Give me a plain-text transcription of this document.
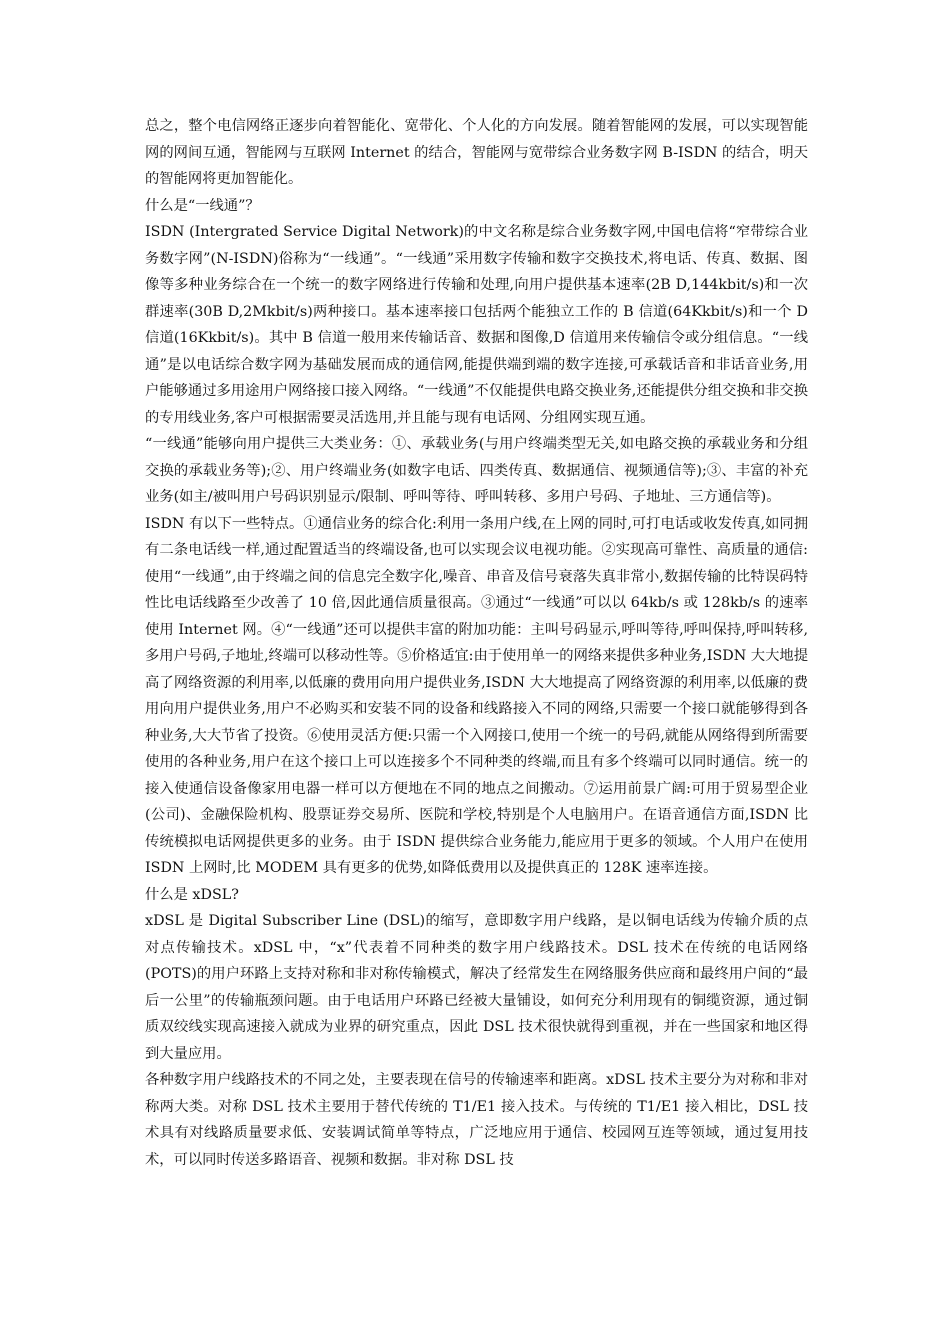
总之，整个电信网络正逐步向着智能化、宽带化、个人化的方向发展。随着智能网的发展，可以实现智能网的网间互通，智能网与互联网 Internet 的结合，智能网与宽带综合业务数字网 B-ISDN 的结合，明天的智能网将更加智能化。

什么是“一线通”？

ISDN (Intergrated Service Digital Network)的中文名称是综合业务数字网,中国电信将“窄带综合业务数字网”(N-ISDN)俗称为“一线通”。“一线通”采用数字传输和数字交换技术,将电话、传真、数据、图像等多种业务综合在一个统一的数字网络进行传输和处理,向用户提供基本速率(2B D,144kbit/s)和一次群速率(30B D,2Mkbit/s)两种接口。基本速率接口包括两个能独立工作的 B 信道(64Kkbit/s)和一个 D 信道(16Kkbit/s)。其中 B 信道一般用来传输话音、数据和图像,D 信道用来传输信令或分组信息。“一线通”是以电话综合数字网为基础发展而成的通信网,能提供端到端的数字连接,可承载话音和非话音业务,用户能够通过多用途用户网络接口接入网络。“一线通”不仅能提供电路交换业务,还能提供分组交换和非交换的专用线业务,客户可根据需要灵活选用,并且能与现有电话网、分组网实现互通。

“一线通”能够向用户提供三大类业务：①、承载业务(与用户终端类型无关,如电路交换的承载业务和分组交换的承载业务等);②、用户终端业务(如数字电话、四类传真、数据通信、视频通信等);③、丰富的补充业务(如主/被叫用户号码识别显示/限制、呼叫等待、呼叫转移、多用户号码、子地址、三方通信等)。

ISDN 有以下一些特点。①通信业务的综合化:利用一条用户线,在上网的同时,可打电话或收发传真,如同拥有二条电话线一样,通过配置适当的终端设备,也可以实现会议电视功能。②实现高可靠性、高质量的通信:使用“一线通”,由于终端之间的信息完全数字化,噪音、串音及信号衰落失真非常小,数据传输的比特误码特性比电话线路至少改善了 10 倍,因此通信质量很高。③通过“一线通”可以以 64kb/s 或 128kb/s 的速率使用 Internet 网。④“一线通”还可以提供丰富的附加功能：主叫号码显示,呼叫等待,呼叫保持,呼叫转移,多用户号码,子地址,终端可以移动性等。⑤价格适宜:由于使用单一的网络来提供多种业务,ISDN 大大地提高了网络资源的利用率,以低廉的费用向用户提供业务,ISDN 大大地提高了网络资源的利用率,以低廉的费用向用户提供业务,用户不必购买和安装不同的设备和线路接入不同的网络,只需要一个接口就能够得到各种业务,大大节省了投资。⑥使用灵活方便:只需一个入网接口,使用一个统一的号码,就能从网络得到所需要使用的各种业务,用户在这个接口上可以连接多个不同种类的终端,而且有多个终端可以同时通信。统一的接入使通信设备像家用电器一样可以方便地在不同的地点之间搬动。⑦运用前景广阔:可用于贸易型企业(公司)、金融保险机构、股票证券交易所、医院和学校,特别是个人电脑用户。在语音通信方面,ISDN 比传统模拟电话网提供更多的业务。由于 ISDN 提供综合业务能力,能应用于更多的领域。个人用户在使用 ISDN 上网时,比 MODEM 具有更多的优势,如降低费用以及提供真正的 128K 速率连接。

什么是 xDSL?

xDSL 是 Digital Subscriber Line (DSL)的缩写，意即数字用户线路，是以铜电话线为传输介质的点对点传输技术。xDSL 中，“x”代表着不同种类的数字用户线路技术。DSL 技术在传统的电话网络(POTS)的用户环路上支持对称和非对称传输模式，解决了经常发生在网络服务供应商和最终用户间的“最后一公里”的传输瓶颈问题。由于电话用户环路已经被大量铺设，如何充分利用现有的铜缆资源，通过铜质双绞线实现高速接入就成为业界的研究重点，因此 DSL 技术很快就得到重视，并在一些国家和地区得到大量应用。

各种数字用户线路技术的不同之处，主要表现在信号的传输速率和距离。xDSL 技术主要分为对称和非对称两大类。对称 DSL 技术主要用于替代传统的 T1/E1 接入技术。与传统的 T1/E1 接入相比，DSL 技术具有对线路质量要求低、安装调试简单等特点，广泛地应用于通信、校园网互连等领域，通过复用技术，可以同时传送多路语音、视频和数据。非对称 DSL 技
